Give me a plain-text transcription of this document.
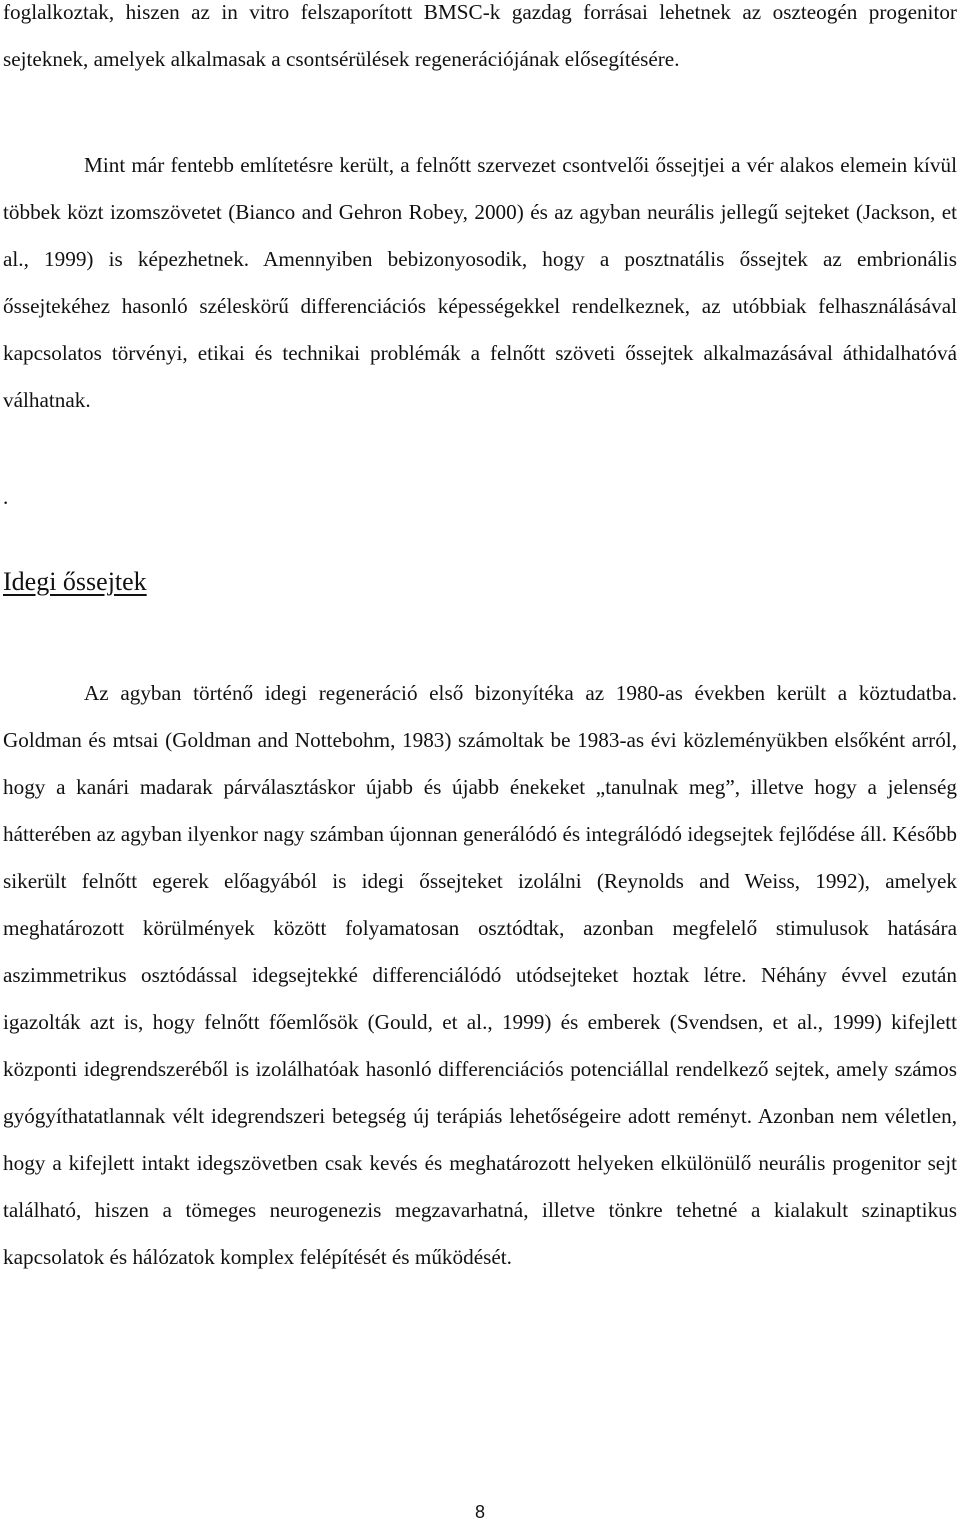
foglalkoztak, hiszen az in vitro felszaporított BMSC-k gazdag forrásai lehetnek az oszteogén progenitor sejteknek, amelyek alkalmasak a csontsérülések regenerációjának elősegítésére.

Mint már fentebb említetésre került, a felnőtt szervezet csontvelői őssejtjei a vér alakos elemein kívül többek közt izomszövetet (Bianco and Gehron Robey, 2000) és az agyban neurális jellegű sejteket (Jackson, et al., 1999) is képezhetnek. Amennyiben bebizonyosodik, hogy a posztnatális őssejtek az embrionális őssejtekéhez hasonló széleskörű differenciációs képességekkel rendelkeznek, az utóbbiak felhasználásával kapcsolatos törvényi, etikai és technikai problémák a felnőtt szöveti őssejtek alkalmazásával áthidalhatóvá válhatnak.

.

Idegi őssejtek

Az agyban történő idegi regeneráció első bizonyítéka az 1980-as években került a köztudatba. Goldman és mtsai (Goldman and Nottebohm, 1983) számoltak be 1983-as évi közleményükben elsőként arról, hogy a kanári madarak párválasztáskor újabb és újabb énekeket „tanulnak meg”, illetve hogy a jelenség hátterében az agyban ilyenkor nagy számban újonnan generálódó és integrálódó idegsejtek fejlődése áll. Később sikerült felnőtt egerek előagyából is idegi őssejteket izolálni (Reynolds and Weiss, 1992), amelyek meghatározott körülmények között folyamatosan osztódtak, azonban megfelelő stimulusok hatására aszimmetrikus osztódással idegsejtekké differenciálódó utódsejteket hoztak létre. Néhány évvel ezután igazolták azt is, hogy felnőtt főemlősök (Gould, et al., 1999) és emberek (Svendsen, et al., 1999) kifejlett központi idegrendszeréből is izolálhatóak hasonló differenciációs potenciállal rendelkező sejtek, amely számos gyógyíthatatlannak vélt idegrendszeri betegség új terápiás lehetőségeire adott reményt. Azonban nem véletlen, hogy a kifejlett intakt idegszövetben csak kevés és meghatározott helyeken elkülönülő neurális progenitor sejt található, hiszen a tömeges neurogenezis megzavarhatná, illetve tönkre tehetné a kialakult szinaptikus kapcsolatok és hálózatok komplex felépítését és működését.

8
